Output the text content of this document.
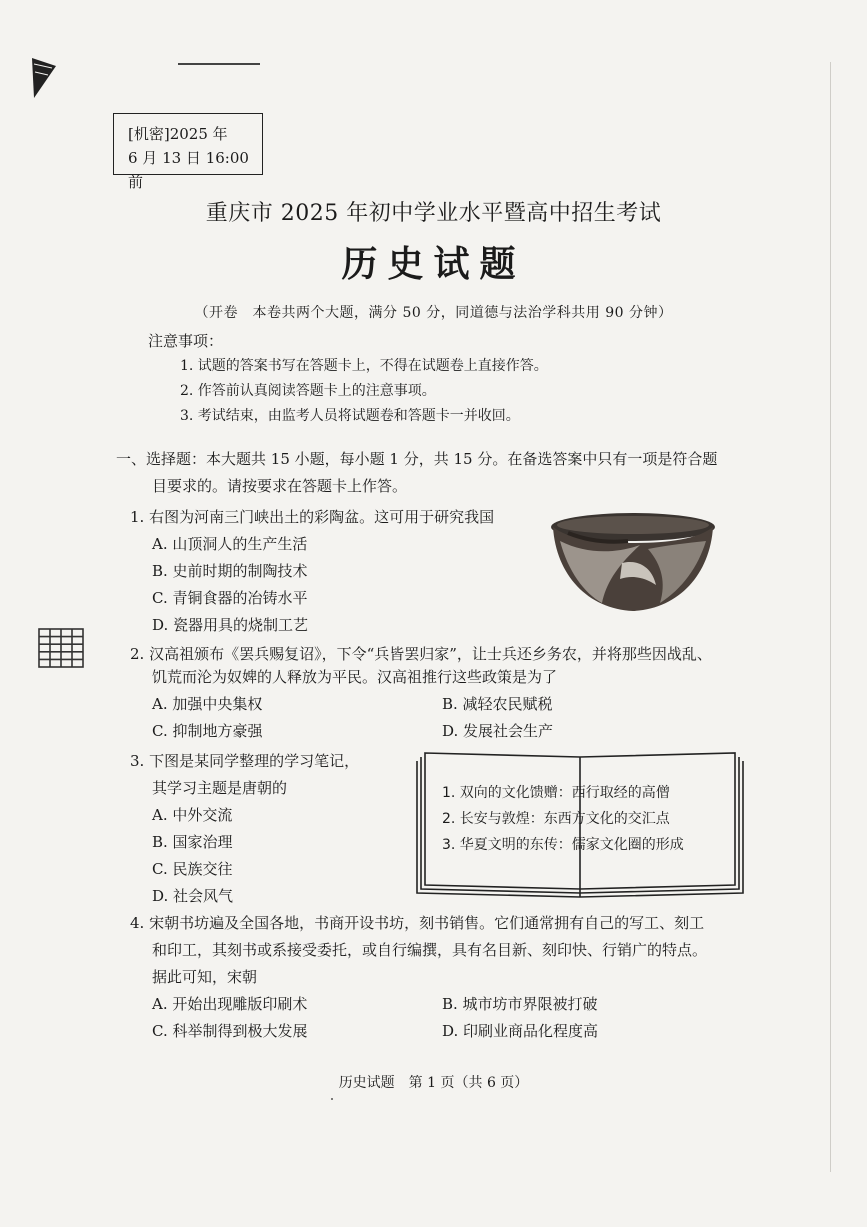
[机密]2025 年
6 月 13 日 16:00 前
重庆市 2025 年初中学业水平暨高中招生考试
历史试题
（开卷　本卷共两个大题，满分 50 分，同道德与法治学科共用 90 分钟）
注意事项：
1. 试题的答案书写在答题卡上，不得在试题卷上直接作答。
2. 作答前认真阅读答题卡上的注意事项。
3. 考试结束，由监考人员将试题卷和答题卡一并收回。
一、选择题：本大题共 15 小题，每小题 1 分，共 15 分。在备选答案中只有一项是符合题
目要求的。请按要求在答题卡上作答。
1. 右图为河南三门峡出土的彩陶盆。这可用于研究我国
A. 山顶洞人的生产生活
B. 史前时期的制陶技术
C. 青铜食器的冶铸水平
D. 瓷器用具的烧制工艺
2. 汉高祖颁布《罢兵赐复诏》，下令“兵皆罢归家”，让士兵还乡务农，并将那些因战乱、
饥荒而沦为奴婢的人释放为平民。汉高祖推行这些政策是为了
A. 加强中央集权	B. 减轻农民赋税
C. 抑制地方豪强	D. 发展社会生产
3. 下图是某同学整理的学习笔记，
其学习主题是唐朝的
A. 中外交流
B. 国家治理
C. 民族交往
D. 社会风气
1. 双向的文化馈赠：西行取经的高僧
2. 长安与敦煌：东西方文化的交汇点
3. 华夏文明的东传：儒家文化圈的形成
4. 宋朝书坊遍及全国各地，书商开设书坊，刻书销售。它们通常拥有自己的写工、刻工
和印工，其刻书或系接受委托，或自行编撰，具有名目新、刻印快、行销广的特点。
据此可知，宋朝
A. 开始出现雕版印刷术	B. 城市坊市界限被打破
C. 科举制得到极大发展	D. 印刷业商品化程度高
历史试题　第 1 页（共 6 页）
